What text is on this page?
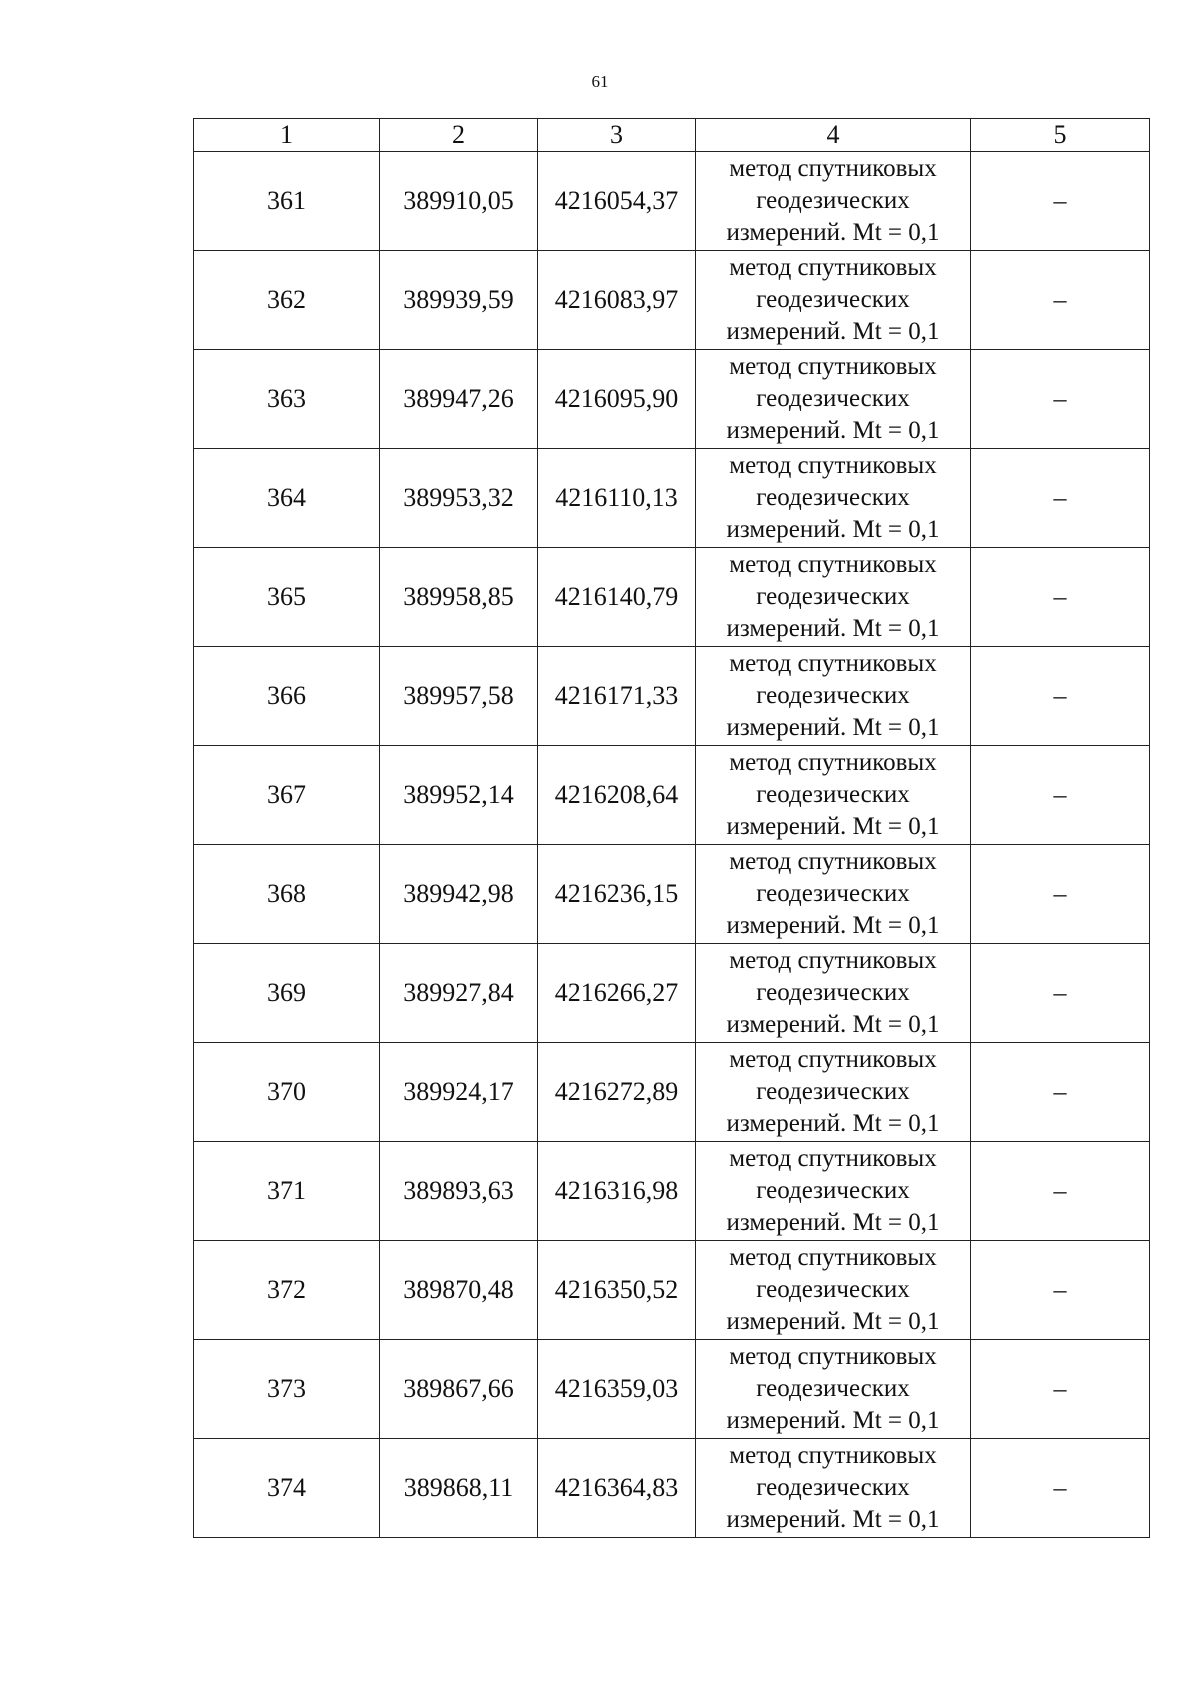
61
1	2	3	4	5
361	389910,05	4216054,37	метод спутниковых
геодезических
измерений. Mt = 0,1	–
362	389939,59	4216083,97	метод спутниковых
геодезических
измерений. Mt = 0,1	–
363	389947,26	4216095,90	метод спутниковых
геодезических
измерений. Mt = 0,1	–
364	389953,32	4216110,13	метод спутниковых
геодезических
измерений. Mt = 0,1	–
365	389958,85	4216140,79	метод спутниковых
геодезических
измерений. Mt = 0,1	–
366	389957,58	4216171,33	метод спутниковых
геодезических
измерений. Mt = 0,1	–
367	389952,14	4216208,64	метод спутниковых
геодезических
измерений. Mt = 0,1	–
368	389942,98	4216236,15	метод спутниковых
геодезических
измерений. Mt = 0,1	–
369	389927,84	4216266,27	метод спутниковых
геодезических
измерений. Mt = 0,1	–
370	389924,17	4216272,89	метод спутниковых
геодезических
измерений. Mt = 0,1	–
371	389893,63	4216316,98	метод спутниковых
геодезических
измерений. Mt = 0,1	–
372	389870,48	4216350,52	метод спутниковых
геодезических
измерений. Mt = 0,1	–
373	389867,66	4216359,03	метод спутниковых
геодезических
измерений. Mt = 0,1	–
374	389868,11	4216364,83	метод спутниковых
геодезических
измерений. Mt = 0,1	–
